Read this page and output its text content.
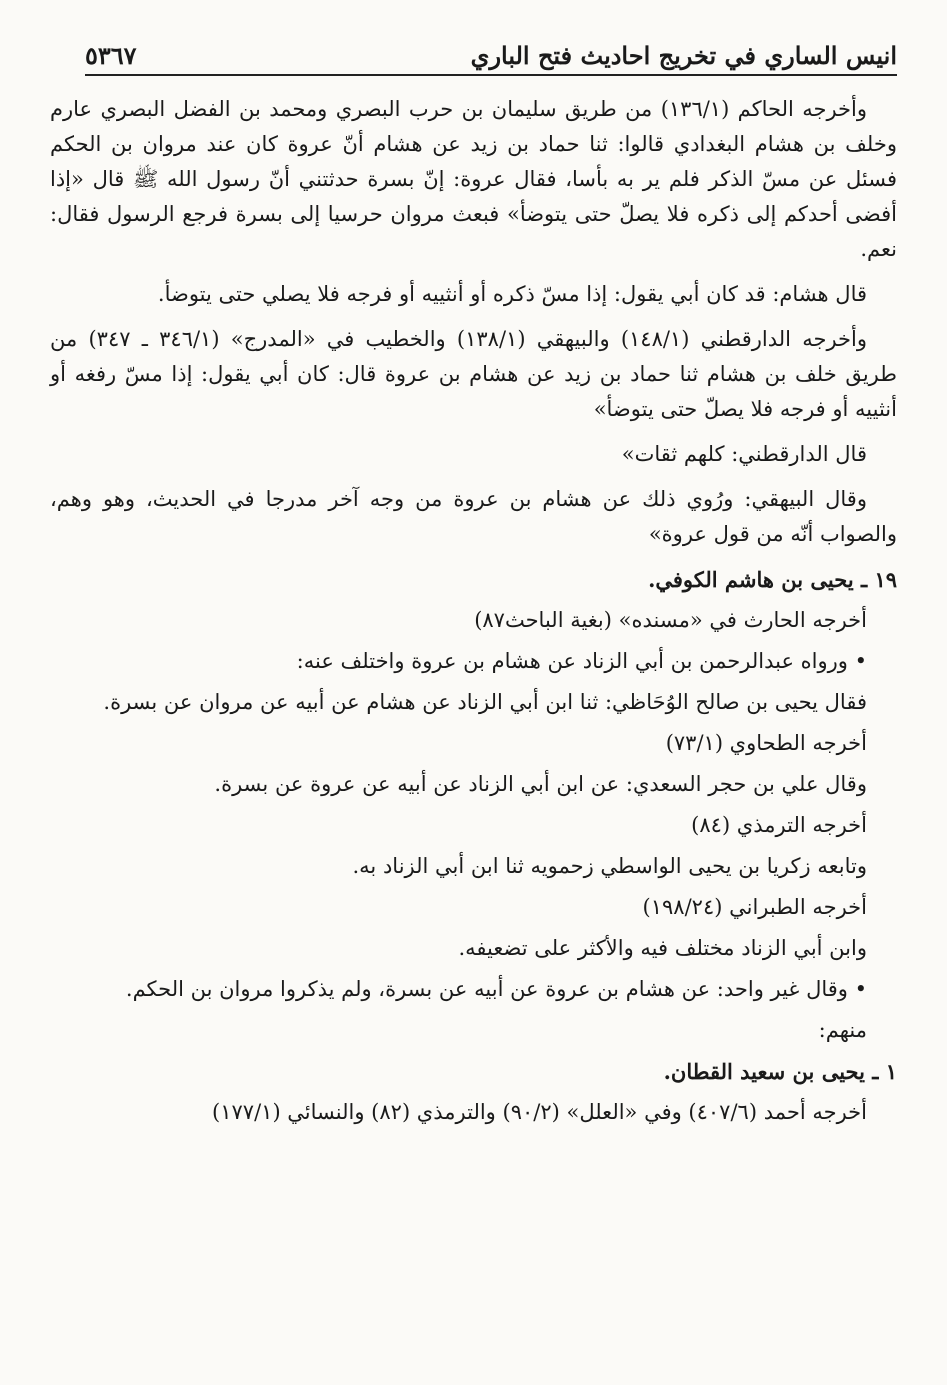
انيس الساري في تخريج احاديث فتح الباري
٥٣٦٧

وأخرجه الحاكم (١٣٦/١) من طريق سليمان بن حرب البصري ومحمد بن الفضل البصري عارم وخلف بن هشام البغدادي قالوا: ثنا حماد بن زيد عن هشام أنّ عروة كان عند مروان بن الحكم فسئل عن مسّ الذكر فلم ير به بأسا، فقال عروة: إنّ بسرة حدثتني أنّ رسول الله ﷺ قال «إذا أفضى أحدكم إلى ذكره فلا يصلّ حتى يتوضأ» فبعث مروان حرسيا إلى بسرة فرجع الرسول فقال: نعم.

قال هشام: قد كان أبي يقول: إذا مسّ ذكره أو أنثييه أو فرجه فلا يصلي حتى يتوضأ.

وأخرجه الدارقطني (١٤٨/١) والبيهقي (١٣٨/١) والخطيب في «المدرج» (٣٤٦/١ ـ ٣٤٧) من طريق خلف بن هشام ثنا حماد بن زيد عن هشام بن عروة قال: كان أبي يقول: إذا مسّ رفغه أو أنثييه أو فرجه فلا يصلّ حتى يتوضأ»

قال الدارقطني: كلهم ثقات»

وقال البيهقي: ورُوي ذلك عن هشام بن عروة من وجه آخر مدرجا في الحديث، وهو وهم، والصواب أنّه من قول عروة»

١٩ ـ يحيى بن هاشم الكوفي.

أخرجه الحارث في «مسنده» (بغية الباحث٨٧)

• ورواه عبدالرحمن بن أبي الزناد عن هشام بن عروة واختلف عنه:

فقال يحيى بن صالح الوُحَاظي: ثنا ابن أبي الزناد عن هشام عن أبيه عن مروان عن بسرة.

أخرجه الطحاوي (٧٣/١)

وقال علي بن حجر السعدي: عن ابن أبي الزناد عن أبيه عن عروة عن بسرة.

أخرجه الترمذي (٨٤)

وتابعه زكريا بن يحيى الواسطي زحمويه ثنا ابن أبي الزناد به.

أخرجه الطبراني (١٩٨/٢٤)

وابن أبي الزناد مختلف فيه والأكثر على تضعيفه.

• وقال غير واحد: عن هشام بن عروة عن أبيه عن بسرة، ولم يذكروا مروان بن الحكم.

منهم:

١ ـ يحيى بن سعيد القطان.

أخرجه أحمد (٤٠٧/٦) وفي «العلل» (٩٠/٢) والترمذي (٨٢) والنسائي (١٧٧/١)
